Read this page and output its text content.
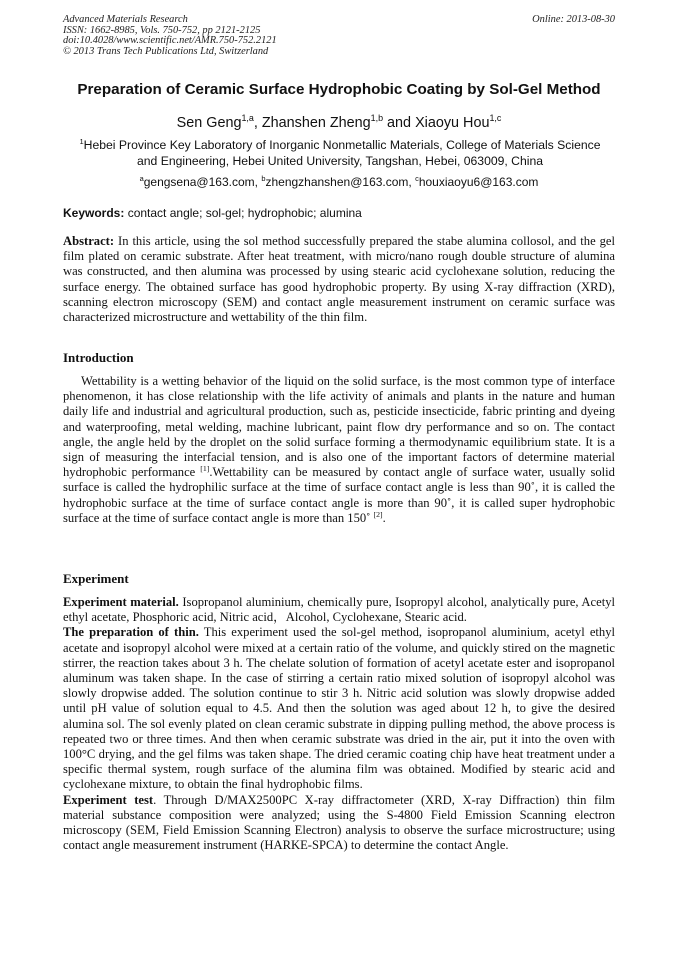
Advanced Materials Research
ISSN: 1662-8985, Vols. 750-752, pp 2121-2125
doi:10.4028/www.scientific.net/AMR.750-752.2121
© 2013 Trans Tech Publications Ltd, Switzerland
Online: 2013-08-30
Preparation of Ceramic Surface Hydrophobic Coating by Sol-Gel Method
Sen Geng$^{1,a}$, Zhanshen Zheng$^{1,b}$ and Xiaoyu Hou$^{1,c}$
$^1$Hebei Province Key Laboratory of Inorganic Nonmetallic Materials, College of Materials Science
and Engineering, Hebei United University, Tangshan, Hebei, 063009, China
$^a$gengsena@163.com, $^b$zhengzhanshen@163.com, $^c$houxiaoyu6@163.com
Keywords: contact angle; sol-gel; hydrophobic; alumina
Abstract: In this article, using the sol method successfully prepared the stabe alumina collosol, and the gel film plated on ceramic substrate. After heat treatment, with micro/nano rough double structure of alumina was constructed, and then alumina was processed by using stearic acid cyclohexane solution, reducing the surface energy. The obtained surface has good hydrophobic property. By using X-ray diffraction (XRD), scanning electron microscopy (SEM) and contact angle measurement instrument on ceramic surface was characterized microstructure and wettability of the thin film.
Introduction
Wettability is a wetting behavior of the liquid on the solid surface, is the most common type of interface phenomenon, it has close relationship with the life activity of animals and plants in the nature and human daily life and industrial and agricultural production, such as, pesticide insecticide, fabric printing and dyeing and waterproofing, metal welding, machine lubricant, paint flow dry performance and so on. The contact angle, the angle held by the droplet on the solid surface forming a thermodynamic equilibrium state. It is a sign of measuring the interfacial tension, and is also one of the important factors of determine material hydrophobic performance [1].Wettability can be measured by contact angle of surface water, usually solid surface is called the hydrophilic surface at the time of surface contact angle is less than 90˚, it is called the hydrophobic surface at the time of surface contact angle is more than 90˚, it is called super hydrophobic surface at the time of surface contact angle is more than 150˚ [2].
Experiment

Experiment material. Isopropanol aluminium, chemically pure, Isopropyl alcohol, analytically pure, Acetyl ethyl acetate, Phosphoric acid, Nitric acid，Alcohol, Cyclohexane, Stearic acid.

The preparation of thin. This experiment used the sol-gel method, isopropanol aluminium, acetyl ethyl acetate and isopropyl alcohol were mixed at a certain ratio of the volume, and quickly stired on the magnetic stirrer, the reaction takes about 3 h. The chelate solution of formation of acetyl acetate ester and isopropanol aluminum was taken shape. In the case of stirring a certain ratio mixed solution of isopropyl alcohol was slowly dropwise added. The solution continue to stir 3 h. Nitric acid solution was slowly dropwise added until pH value of solution equal to 4.5. And then the solution was aged about 12 h, to give the desired alumina sol. The sol evenly plated on clean ceramic substrate in dipping pulling method, the above process is repeated two or three times. And then when ceramic substrate was dried in the air, put it into the oven with 100°C drying, and the gel films was taken shape. The dried ceramic coating chip have heat treatment under a specific thermal system, rough surface of the alumina film was obtained. Modified by stearic acid and cyclohexane mixture, to obtain the final hydrophobic films.

Experiment test. Through D/MAX2500PC X-ray diffractometer (XRD, X-ray Diffraction) thin film material substance composition were analyzed; using the S-4800 Field Emission Scanning electron microscopy (SEM, Field Emission Scanning Electron) analysis to observe the surface microstructure; using contact angle measurement instrument (HARKE-SPCA) to determine the contact Angle.
